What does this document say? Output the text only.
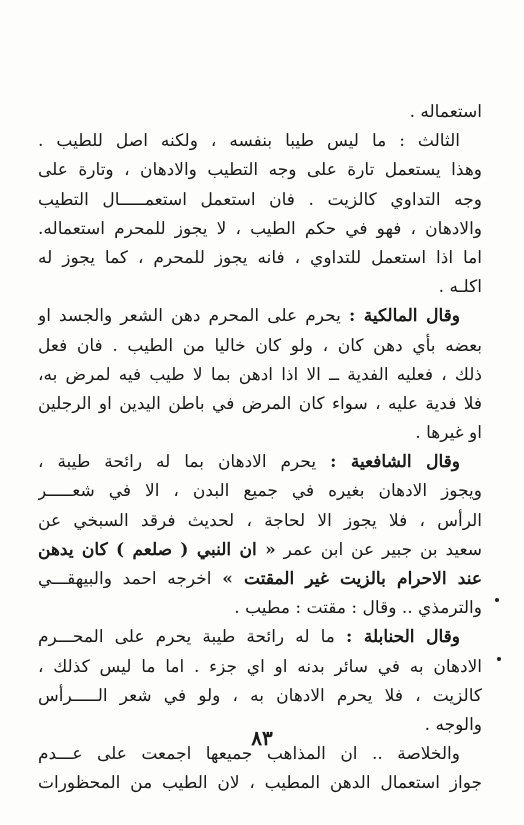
استعماله .
الثالث : ما ليس طيبا بنفسه ، ولكنه اصل للطيب .
وهذا يستعمل تارة على وجه التطيب والادهان ، وتارة على
وجه التداوي كالزيت . فان استعمل استعمـــــال التطيب
والادهان ، فهو في حكم الطيب ، لا يجوز للمحرم استعماله.
اما اذا استعمل للتداوي ، فانه يجوز للمحرم ، كما يجوز له
اكلـه .
وقال المالكية : يحرم على المحرم دهن الشعر والجسد او
بعضه بأي دهن كان ، ولو كان خاليا من الطيب . فان فعل
ذلك ، فعليه الفدية ــ الا اذا ادهن بما لا طيب فيه لمرض به،
فلا فدية عليه ، سواء كان المرض في باطن اليدين او الرجلين
او غيرها .
وقال الشافعية : يحرم الادهان بما له رائحة طيبة ،
ويجوز الادهان بغيره في جميع البدن ، الا في شعـــــر
الرأس ، فلا يجوز الا لحاجة ، لحديث فرقد السبخي عن
سعيد بن جبير عن ابن عمر « ان النبي ( صلعم ) كان يدهن
عند الاحرام بالزيت غير المقتت » اخرجه احمد والبيهقـــي
والترمذي .. وقال : مقتت : مطيب .
وقال الحنابلة : ما له رائحة طيبة يحرم على المحـــرم
الادهان به في سائر بدنه او اي جزء . اما ما ليس كذلك ،
كالزيت ، فلا يحرم الادهان به ، ولو في شعر الـــــرأس
والوجه .
والخلاصة .. ان المذاهب جميعها اجمعت على عـــدم
جواز استعمال الدهن المطيب ، لان الطيب من المحظورات
٨٣
